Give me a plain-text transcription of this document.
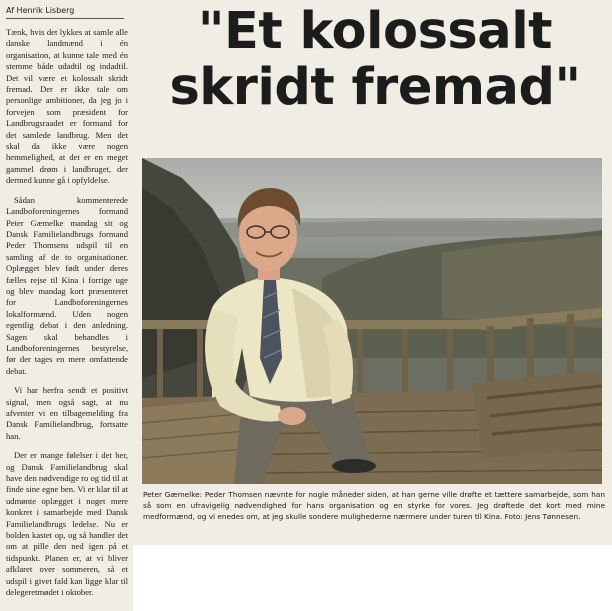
Af Henrik Lisberg	"Et kolossalt
skridt fremad"

Tænk, hvis det lykkes at samle alle danske landmænd i én organisation, at kunne tale med én stemme både udadtil og indadtil. Det vil være et kolossalt skridt fremad. Der er ikke tale om personlige ambitioner, da jeg jo i forvejen som præsident for Landbrugsraadet er formand for det samlede landbrug. Men det skal da ikke være nogen hemmelighed, at det er en meget gammel drøm i landbruget, der dermed kunne gå i opfyldelse.

Sådan kommenterede Landboforeningernes formand Peter Gæmelke mandag sit og Dansk Familielandbrugs formand Peder Thomsens udspil til en samling af de to organisationer. Oplægget blev født under deres fælles rejse til Kina i forrige uge og blev mandag kort præsenteret for Landboforeningernes lokalformænd. Uden nogen egentlig debat i den anledning. Sagen skal behandles i Landboforeningernes bestyrelse, før der tages en mere omfattende debat.

Vi har herfra sendt et positivt signal, men også sagt, at nu afventer vi en tilbagemelding fra Dansk Familielandbrug, fortsatte han.

Der er mange følelser i det her, og Dansk Familielandbrug skal have den nødvendige ro og tid til at finde sine egne ben. Vi er klar til at udmønte oplægget i noget mere konkret i samarbejde med Dansk Familielandbrugs ledelse. Nu er bolden kastet op, og så handler det om at pille den ned igen på et tidspunkt. Planen er, at vi bliver afklaret over sommeren, så et udspil i givet fald kan ligge klar til delegeretmødet i oktober.

Peter Gæmelke: Peder Thomsen nævnte for nogle måneder siden, at han gerne ville drøfte et tættere samarbejde, som han så som en ufravigelig nødvendighed for hans organisation og en styrke for vores. Jeg drøftede det kort med mine medformænd, og vi enedes om, at jeg skulle sondere mulighederne nærmere under turen til Kina. Foto: Jens Tønnesen.
